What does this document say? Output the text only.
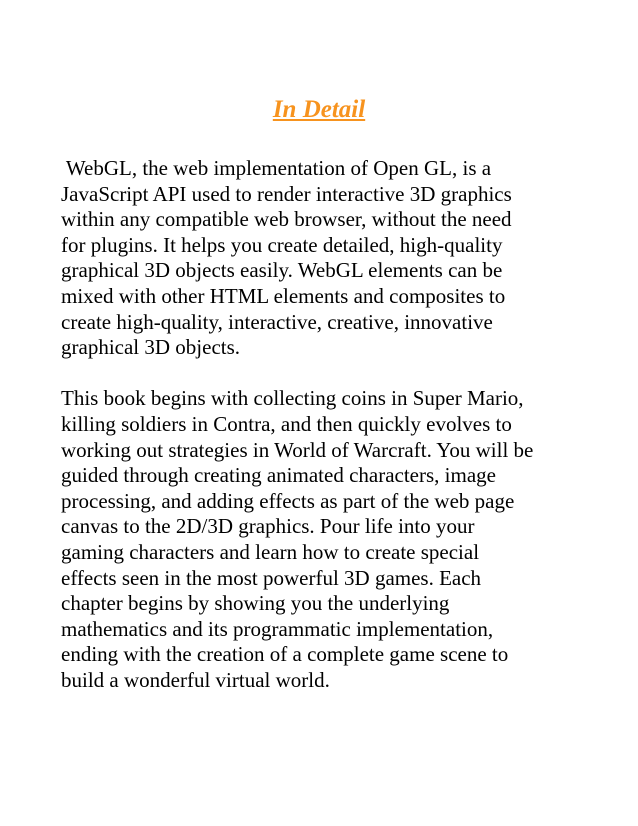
In Detail

WebGL, the web implementation of Open GL, is a
JavaScript API used to render interactive 3D graphics
within any compatible web browser, without the need
for plugins. It helps you create detailed, high-quality
graphical 3D objects easily. WebGL elements can be
mixed with other HTML elements and composites to
create high-quality, interactive, creative, innovative
graphical 3D objects.

This book begins with collecting coins in Super Mario,
killing soldiers in Contra, and then quickly evolves to
working out strategies in World of Warcraft. You will be
guided through creating animated characters, image
processing, and adding effects as part of the web page
canvas to the 2D/3D graphics. Pour life into your
gaming characters and learn how to create special
effects seen in the most powerful 3D games. Each
chapter begins by showing you the underlying
mathematics and its programmatic implementation,
ending with the creation of a complete game scene to
build a wonderful virtual world.
